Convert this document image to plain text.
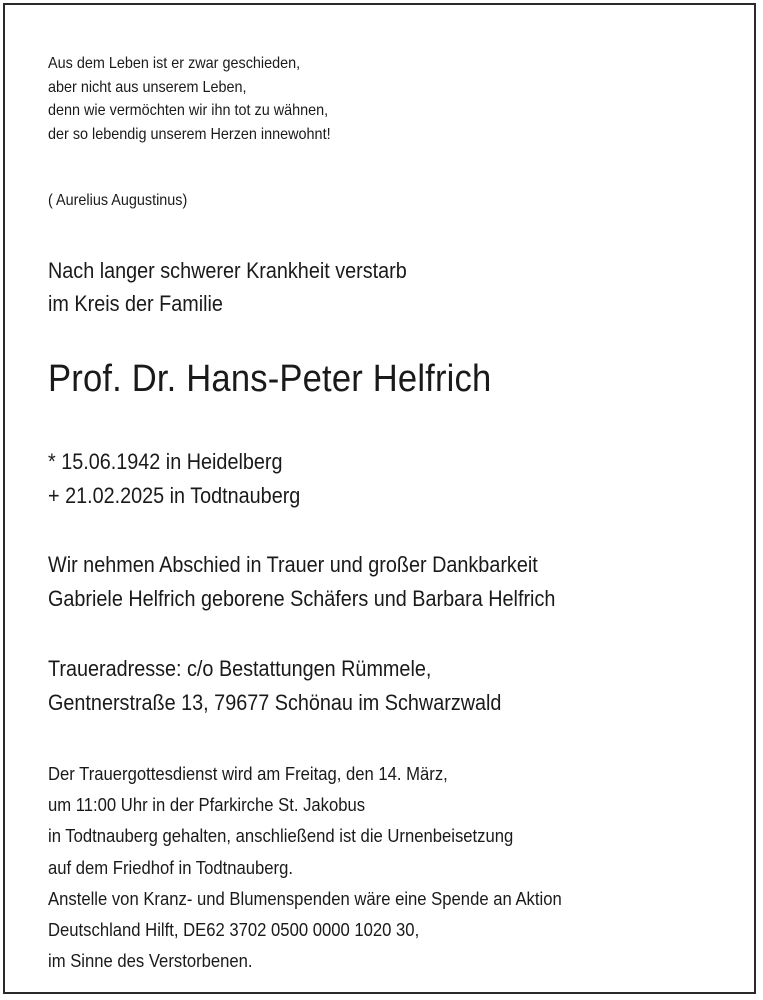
Aus dem Leben ist er zwar geschieden,
aber nicht aus unserem Leben,
denn wie vermöchten wir ihn tot zu wähnen,
der so lebendig unserem Herzen innewohnt!
( Aurelius Augustinus)
Nach langer schwerer Krankheit verstarb
im Kreis der Familie
Prof. Dr. Hans-Peter Helfrich
* 15.06.1942 in Heidelberg
+ 21.02.2025 in Todtnauberg
Wir nehmen Abschied in Trauer und großer Dankbarkeit
Gabriele Helfrich geborene Schäfers und Barbara Helfrich
Traueradresse: c/o Bestattungen Rümmele,
Gentnerstraße 13, 79677 Schönau im Schwarzwald
Der Trauergottesdienst wird am Freitag, den 14. März,
um 11:00 Uhr in der Pfarkirche St. Jakobus
in Todtnauberg gehalten, anschließend ist die Urnenbeisetzung
auf dem Friedhof in Todtnauberg.
Anstelle von Kranz- und Blumenspenden wäre eine Spende an Aktion
Deutschland Hilft, DE62 3702 0500 0000 1020 30,
im Sinne des Verstorbenen.
